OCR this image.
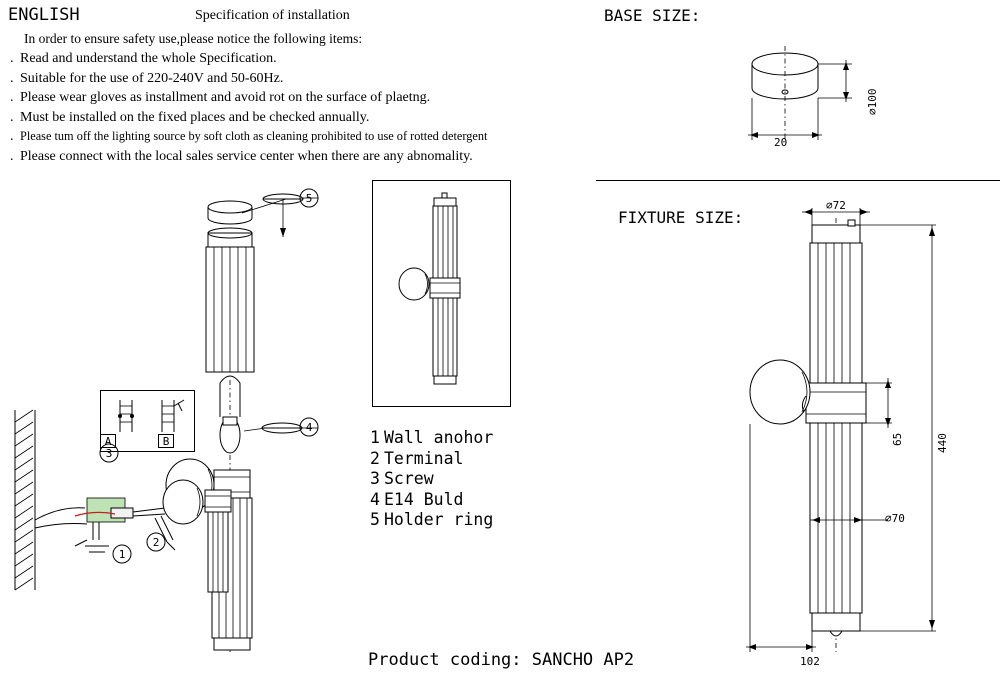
ENGLISH	Specification of installation
In order to ensure safety use,please notice the following items:
. Read and understand the whole Specification.
. Suitable for the use of 220-240V and 50-60Hz.
. Please wear gloves as installment and avoid rot on the surface of plaetng.
. Must be installed on the fixed places and be checked annually.
. Please tum off the lighting source by soft cloth as cleaning prohibited to use of rotted detergent
. Please connect with the local sales service center when there are any abnomality.
BASE SIZE:
FIXTURE SIZE:
⌀100
20
⌀72
65
⌀70
440
102
5
4
1 Wall anohor
2 Terminal
3 Screw
4 E14 Buld
5 Holder ring
1
2
A	B
3
Product coding: SANCHO AP2
